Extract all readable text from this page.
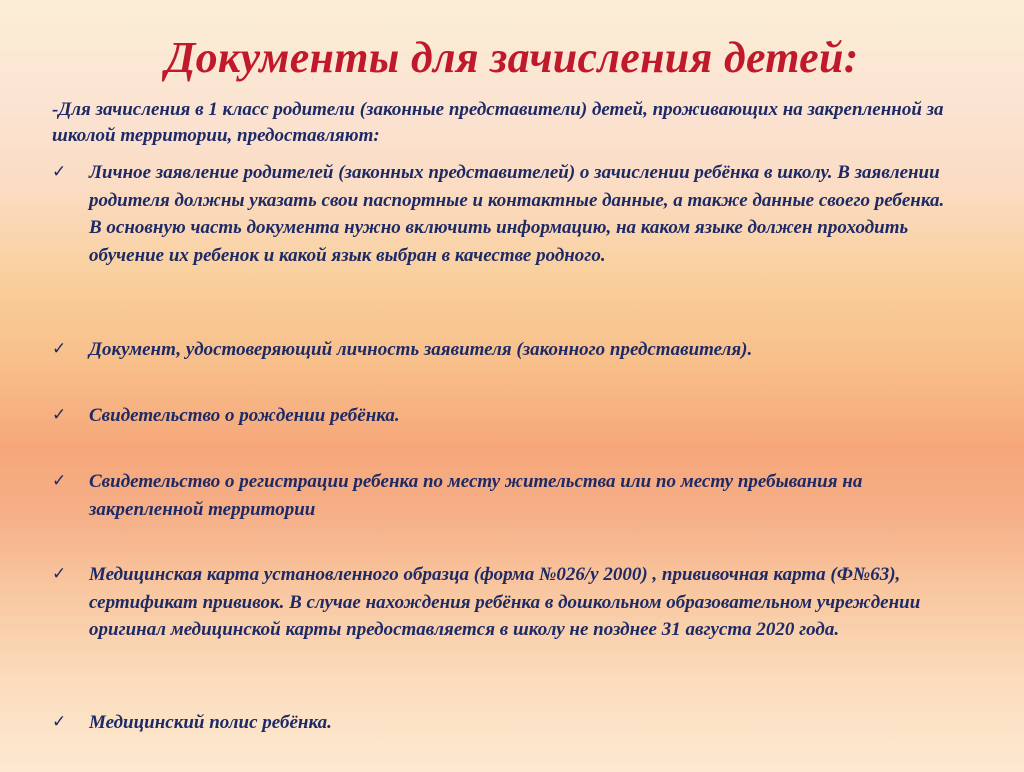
Документы для зачисления детей:

-Для зачисления в 1 класс родители (законные представители) детей, проживающих на закрепленной за школой территории, предоставляют:

✓ Личное заявление родителей (законных представителей) о зачислении ребёнка в школу. В заявлении родителя должны указать свои паспортные и контактные данные, а также данные своего ребенка. В основную часть документа нужно включить информацию, на каком языке должен проходить обучение их ребенок и какой язык выбран в качестве родного.
✓ Документ, удостоверяющий личность заявителя (законного представителя).
✓ Свидетельство о рождении ребёнка.
✓ Свидетельство о регистрации ребенка по месту жительства или по месту пребывания на закрепленной территории
✓ Медицинская карта установленного образца (форма №026/у 2000) , прививочная карта (Ф№63), сертификат прививок. В случае нахождения ребёнка в дошкольном образовательном учреждении оригинал медицинской карты предоставляется в школу не позднее 31 августа 2020 года.
✓ Медицинский полис ребёнка.
